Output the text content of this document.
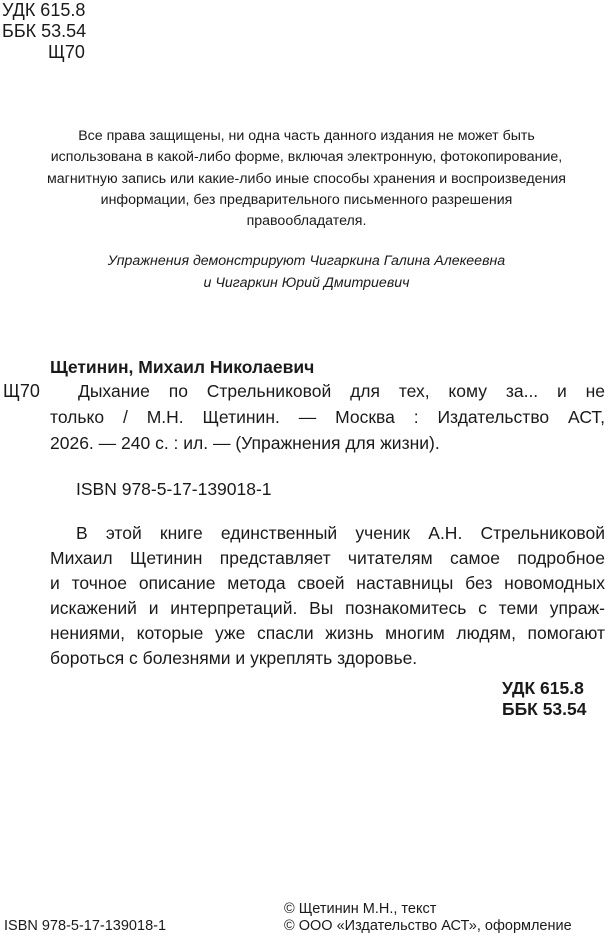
УДК 615.8
ББК 53.54
Щ70
Все права защищены, ни одна часть данного издания не может быть
использована в какой-либо форме, включая электронную, фотокопирование,
магнитную запись или какие-либо иные способы хранения и воспроизведения
информации, без предварительного письменного разрешения
правообладателя.
Упражнения демонстрируют Чигаркина Галина Алекеевна
и Чигаркин Юрий Дмитриевич
Щетинин, Михаил Николаевич
Щ70 Дыхание по Стрельниковой для тех, кому за... и не
только / М.Н. Щетинин. — Москва : Издательство АСТ,
2026. — 240 с. : ил. — (Упражнения для жизни).
ISBN 978-5-17-139018-1
В этой книге единственный ученик А.Н. Стрельниковой
Михаил Щетинин представляет читателям самое подробное
и точное описание метода своей наставницы без новомодных
искажений и интерпретаций. Вы познакомитесь с теми упраж-
нениями, которые уже спасли жизнь многим людям, помогают
бороться с болезнями и укреплять здоровье.
УДК 615.8
ББК 53.54
ISBN 978-5-17-139018-1
© Щетинин М.Н., текст
© ООО «Издательство АСТ», оформление
